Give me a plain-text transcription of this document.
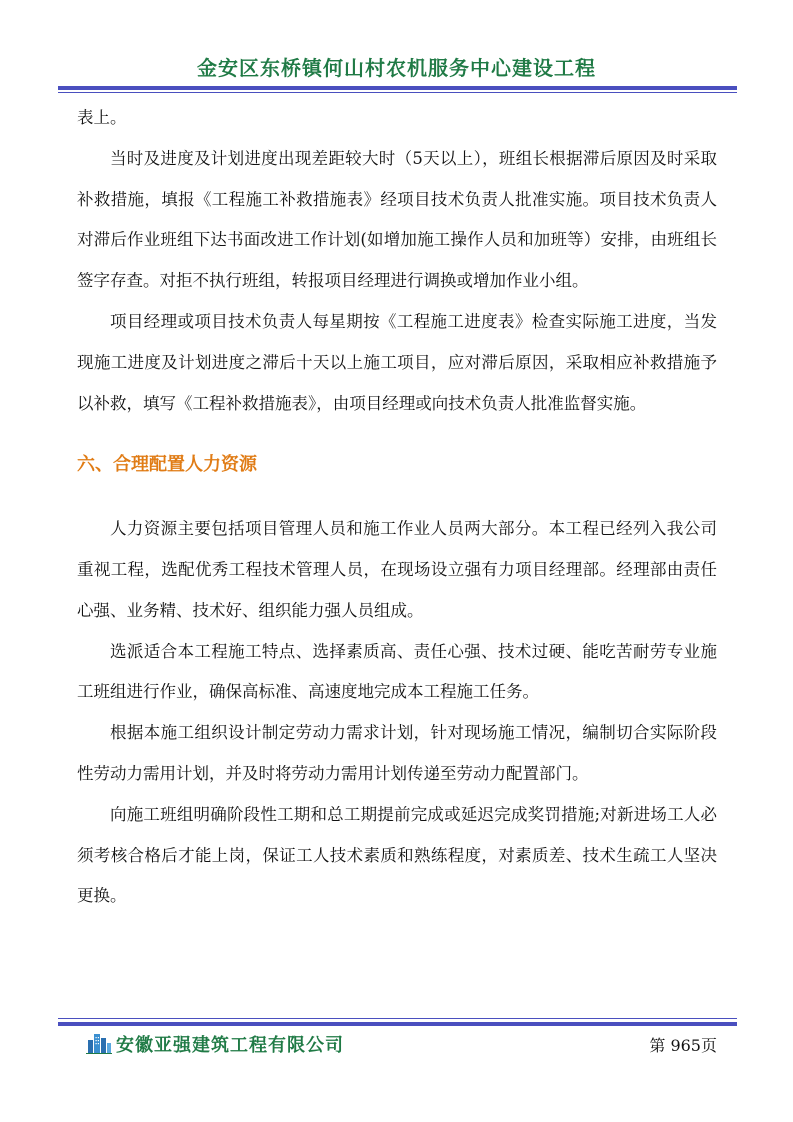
金安区东桥镇何山村农机服务中心建设工程

表上。

当时及进度及计划进度出现差距较大时（5天以上），班组长根据滞后原因及时采取补救措施，填报《工程施工补救措施表》经项目技术负责人批准实施。项目技术负责人对滞后作业班组下达书面改进工作计划(如增加施工操作人员和加班等）安排，由班组长签字存查。对拒不执行班组，转报项目经理进行调换或增加作业小组。

项目经理或项目技术负责人每星期按《工程施工进度表》检查实际施工进度，当发现施工进度及计划进度之滞后十天以上施工项目，应对滞后原因，采取相应补救措施予以补救，填写《工程补救措施表》，由项目经理或向技术负责人批准监督实施。

六、合理配置人力资源

人力资源主要包括项目管理人员和施工作业人员两大部分。本工程已经列入我公司重视工程，选配优秀工程技术管理人员，在现场设立强有力项目经理部。经理部由责任心强、业务精、技术好、组织能力强人员组成。

选派适合本工程施工特点、选择素质高、责任心强、技术过硬、能吃苦耐劳专业施工班组进行作业，确保高标准、高速度地完成本工程施工任务。

根据本施工组织设计制定劳动力需求计划，针对现场施工情况，编制切合实际阶段性劳动力需用计划，并及时将劳动力需用计划传递至劳动力配置部门。

向施工班组明确阶段性工期和总工期提前完成或延迟完成奖罚措施;对新进场工人必须考核合格后才能上岗，保证工人技术素质和熟练程度，对素质差、技术生疏工人坚决更换。

安徽亚强建筑工程有限公司	第 965页
